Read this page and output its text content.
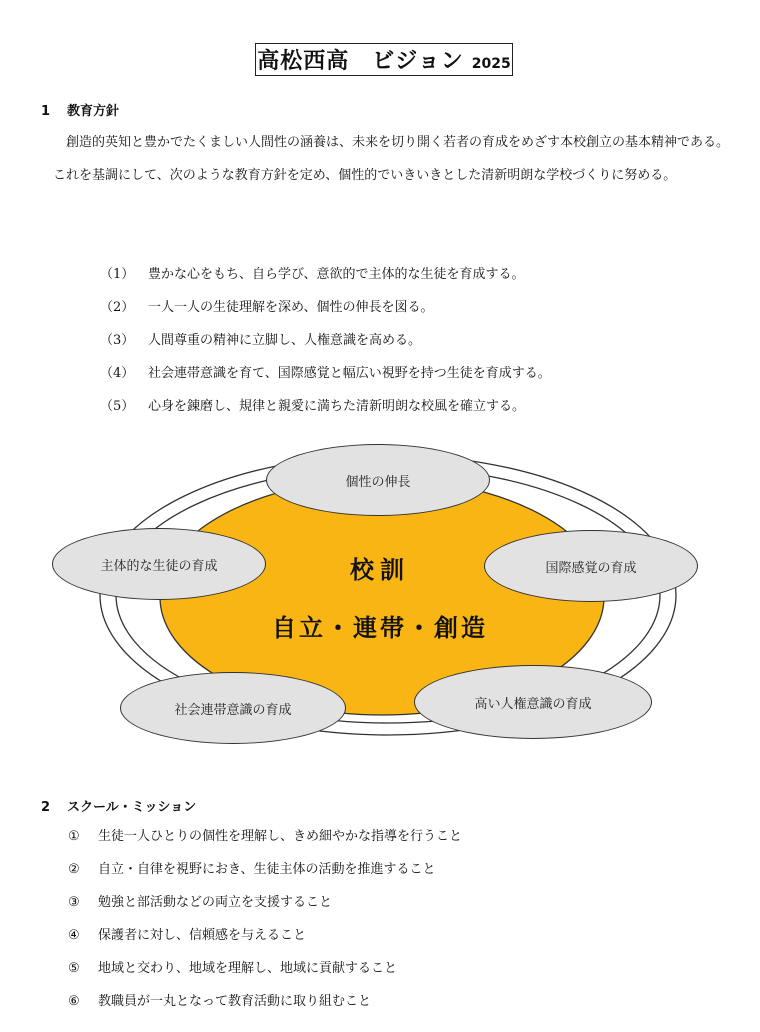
高松西高　ビジョン 2025
1 教育方針

創造的英知と豊かでたくましい人間性の涵養は、未来を切り開く若者の育成をめざす本校創立の基本精神である。これを基調にして、次のような教育方針を定め、個性的でいきいきとした清新明朗な学校づくりに努める。

（1） 豊かな心をもち、自ら学び、意欲的で主体的な生徒を育成する。
（2） 一人一人の生徒理解を深め、個性の伸長を図る。
（3） 人間尊重の精神に立脚し、人権意識を高める。
（4） 社会連帯意識を育て、国際感覚と幅広い視野を持つ生徒を育成する。
（5） 心身を錬磨し、規律と親愛に満ちた清新明朗な校風を確立する。
校訓
自立・連帯・創造
個性の伸長
主体的な生徒の育成	国際感覚の育成
社会連帯意識の育成	高い人権意識の育成
2 スクール・ミッション
① 生徒一人ひとりの個性を理解し、きめ細やかな指導を行うこと
② 自立・自律を視野におき、生徒主体の活動を推進すること
③ 勉強と部活動などの両立を支援すること
④ 保護者に対し、信頼感を与えること
⑤ 地域と交わり、地域を理解し、地域に貢献すること
⑥ 教職員が一丸となって教育活動に取り組むこと
